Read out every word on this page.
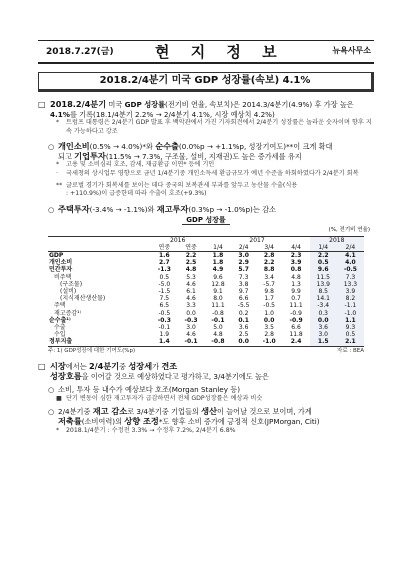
2018.7.27(금)	현 지 정 보	뉴욕사무소
2018.2/4분기 미국 GDP 성장률(속보) 4.1%
□ 2018.2/4분기 미국 GDP 성장률(전기비 연율, 속보치)은 2014.3/4분기(4.9%) 후 가장 높은 4.1%를 기록(18.1/4분기 2.2% → 2/4분기 4.1%, 시장 예상치 4.2%)
* 트럼프 대통령은 2/4분기 GDP 발표 후 백악관에서 가진 기자회견에서 2/4분기 성장률은 놀라운 숫자이며 향후 지속 가능하다고 강조
○ 개인소비(0.5% → 4.0%)*와 순수출(0.0%p → +1.1%p, 성장기여도)**이 크게 확대
되고 기업투자(11.5% → 7.3%, 구조물, 설비, 지재권)도 높은 증가세를 유지
* 고용 및 소비심리 호조, 감세, 재급환급 이연* 등에 기인
· 국세청의 상시업무 영향으로 금년 1/4분기중 개인소득세 환급규모가 예년 수준을 하회하였다가 2/4분기 회복
** 글로벌 경기가 회복세를 보이는 데다 중국의 보복관세 부과를 앞두고 농산물 수출(식용
: +110.9%)이 급증한데 따라 수출이 호조(+9.3%)
○ 주택투자(-3.4% → -1.1%)와 재고투자(0.3%p → -1.0%p)는 감소
GDP 성장률
(%, 전기비 연율)
	2016		2017				2018	
	연중	연중	1/4	2/4	3/4	4/4	1/4	2/4
GDP	1.6	2.2	1.8	3.0	2.8	2.3	2.2	4.1
개인소비	2.7	2.5	1.8	2.9	2.2	3.9	0.5	4.0
민간투자	-1.3	4.8	4.9	5.7	8.8	0.8	9.6	-0.5
비주택	0.5	5.3	9.6	7.3	3.4	4.8	11.5	7.3
(구조물)	-5.0	4.6	12.8	3.8	-5.7	1.3	13.9	13.3
(설비)	-1.5	6.1	9.1	9.7	9.8	9.9	8.5	3.9
(지식재산생산물)	7.5	4.6	8.0	6.6	1.7	0.7	14.1	8.2
주택	6.5	3.3	11.1	-5.5	-0.5	11.1	-3.4	-1.1
재고증감¹⁾	-0.5	0.0	-0.8	0.2	1.0	-0.9	0.3	-1.0
순수출¹⁾	-0.3	-0.3	-0.1	0.1	0.0	-0.9	0.0	1.1
수출	-0.1	3.0	5.0	3.6	3.5	6.6	3.6	9.3
수입	1.9	4.6	4.8	2.5	2.8	11.8	3.0	0.5
정부지출	1.4	-0.1	-0.8	0.0	-1.0	2.4	1.5	2.1
주: 1) GDP성장에 대한 기여도(%p)	자료 : BEA
□ 시장에서는 2/4분기중 성장세가 견조
성장호름을 이어갈 것으로 예상하였다고 평가하고, 3/4분기에도 높은
○ 소비, 투자 등 내수가 예상보다 호조(Morgan Stanley 등)
■ 단기 변동이 심한 재고투자가 급감하면서 전체 GDP성장률은 예상과 비슷
○ 2/4분기중 재고 감소로 3/4분기중 기업들의 생산이 늘어날 것으로 보이며, 가계
저축률(소비여력)의 상향 조정*도 향후 소비 증가에 긍정적 신호(JPMorgan, Citi)
* 2018.1/4분기 : 수정전 3.3% → 수정후 7.2%, 2/4분기 6.8%
